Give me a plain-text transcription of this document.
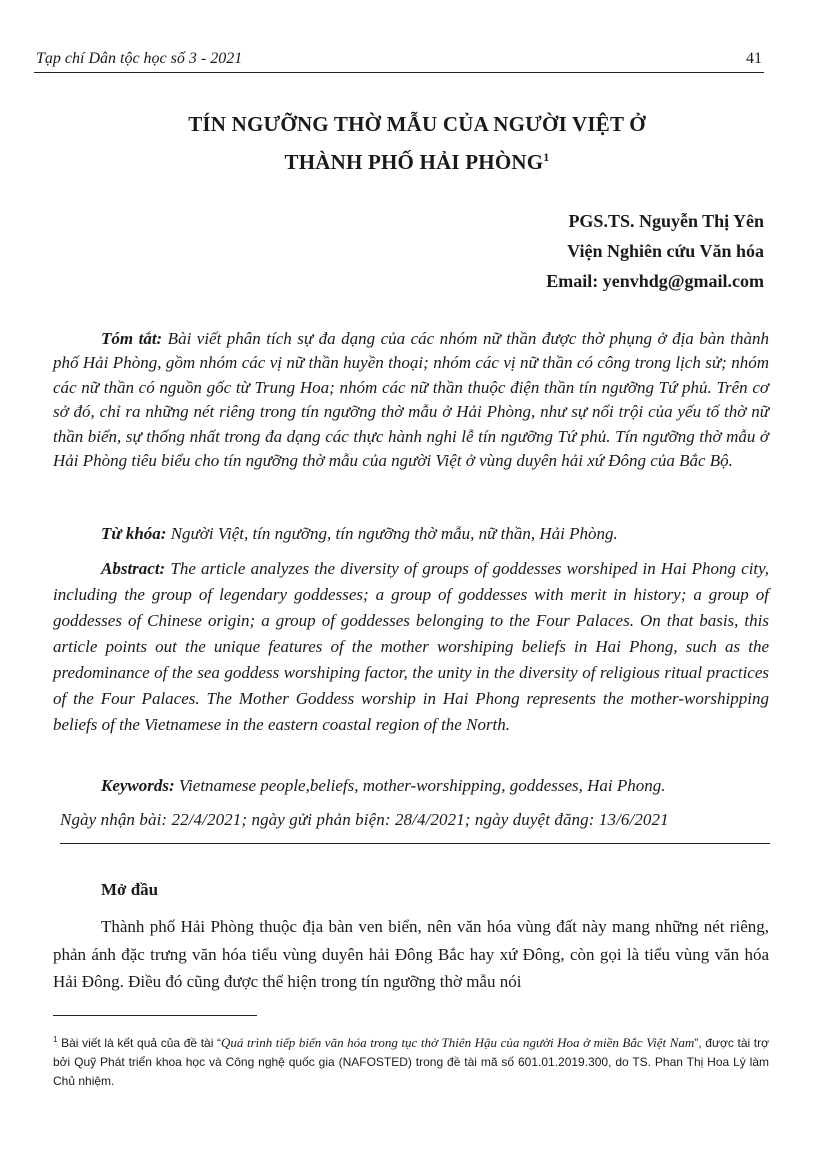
Tạp chí Dân tộc học số 3 - 2021	41
TÍN NGƯỠNG THỜ MẪU CỦA NGƯỜI VIỆT Ở
THÀNH PHỐ HẢI PHÒNG$^1$
PGS.TS. Nguyễn Thị Yên
Viện Nghiên cứu Văn hóa
Email: yenvhdg@gmail.com
Tóm tắt: Bài viết phân tích sự đa dạng của các nhóm nữ thần được thờ phụng ở địa bàn thành phố Hải Phòng, gồm nhóm các vị nữ thần huyền thoại; nhóm các vị nữ thần có công trong lịch sử; nhóm các nữ thần có nguồn gốc từ Trung Hoa; nhóm các nữ thần thuộc điện thần tín ngưỡng Tứ phủ. Trên cơ sở đó, chỉ ra những nét riêng trong tín ngưỡng thờ mẫu ở Hải Phòng, như sự nổi trội của yếu tố thờ nữ thần biển, sự thống nhất trong đa dạng các thực hành nghi lễ tín ngưỡng Tứ phủ. Tín ngưỡng thờ mẫu ở Hải Phòng tiêu biểu cho tín ngưỡng thờ mẫu của người Việt ở vùng duyên hải xứ Đông của Bắc Bộ.
Từ khóa: Người Việt, tín ngưỡng, tín ngưỡng thờ mẫu, nữ thần, Hải Phòng.
Abstract: The article analyzes the diversity of groups of goddesses worshiped in Hai Phong city, including the group of legendary goddesses; a group of goddesses with merit in history; a group of goddesses of Chinese origin; a group of goddesses belonging to the Four Palaces. On that basis, this article points out the unique features of the mother worshiping beliefs in Hai Phong, such as the predominance of the sea goddess worshiping factor, the unity in the diversity of religious ritual practices of the Four Palaces. The Mother Goddess worship in Hai Phong represents the mother-worshipping beliefs of the Vietnamese in the eastern coastal region of the North.
Keywords: Vietnamese people,beliefs, mother-worshipping, goddesses, Hai Phong.
Ngày nhận bài: 22/4/2021; ngày gửi phản biện: 28/4/2021; ngày duyệt đăng: 13/6/2021
Mở đầu
Thành phố Hải Phòng thuộc địa bàn ven biển, nên văn hóa vùng đất này mang những nét riêng, phản ánh đặc trưng văn hóa tiểu vùng duyên hải Đông Bắc hay xứ Đông, còn gọi là tiểu vùng văn hóa Hải Đông. Điều đó cũng được thể hiện trong tín ngưỡng thờ mẫu nói
$^1$ Bài viết là kết quả của đề tài “Quá trình tiếp biến văn hóa trong tục thờ Thiên Hậu của người Hoa ở miền Bắc Việt Nam”, được tài trợ bởi Quỹ Phát triển khoa học và Công nghệ quốc gia (NAFOSTED) trong đề tài mã số 601.01.2019.300, do TS. Phan Thị Hoa Lý làm Chủ nhiệm.
